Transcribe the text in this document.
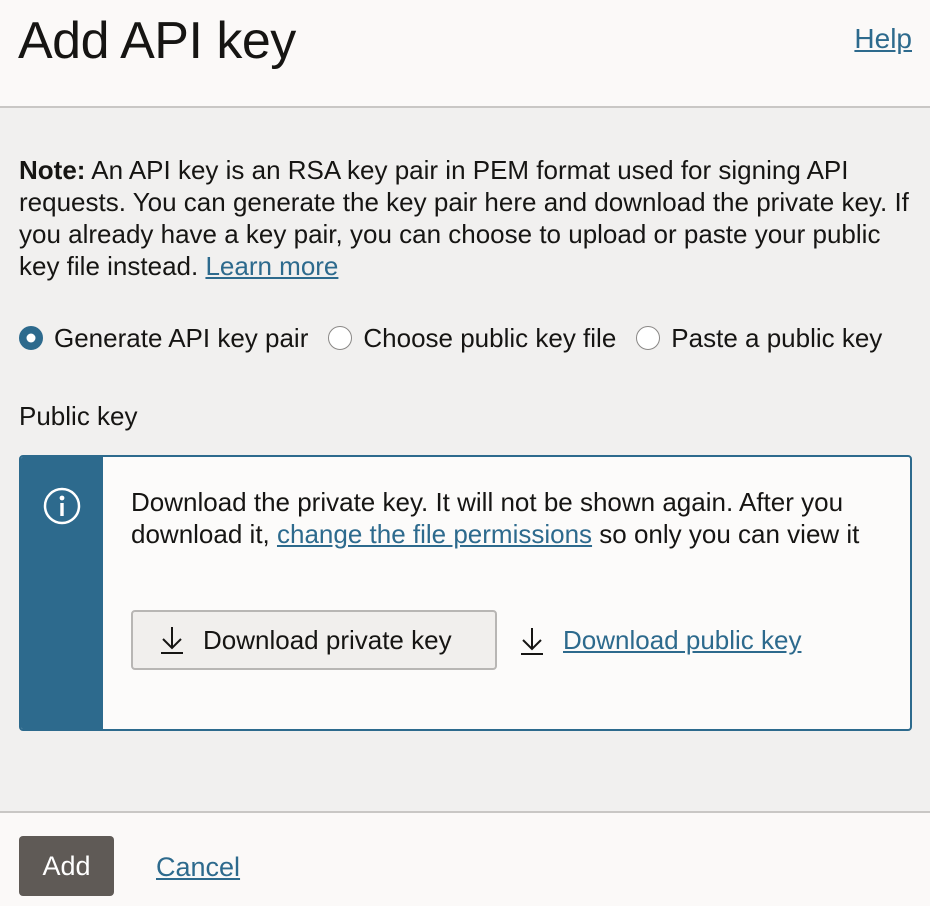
Add API key	Help

Note: An API key is an RSA key pair in PEM format used for signing API requests. You can generate the key pair here and download the private key. If you already have a key pair, you can choose to upload or paste your public key file instead. Learn more

Generate API key pair Choose public key file Paste a public key
Public key

Download the private key. It will not be shown again. After you download it, change the file permissions so only you can view it

Download private key	Download public key
Add	Cancel
